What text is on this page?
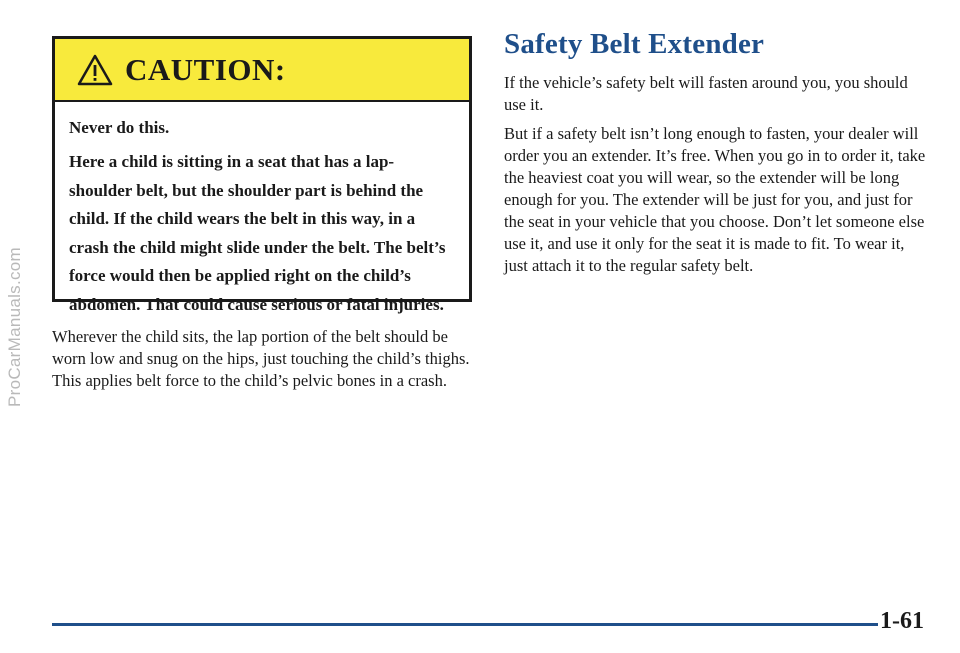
ProCarManuals.com
CAUTION:

Never do this.

Here a child is sitting in a seat that has a lap-shoulder belt, but the shoulder part is behind the child. If the child wears the belt in this way, in a crash the child might slide under the belt. The belt’s force would then be applied right on the child’s abdomen. That could cause serious or fatal injuries.

Wherever the child sits, the lap portion of the belt should be worn low and snug on the hips, just touching the child’s thighs. This applies belt force to the child’s pelvic bones in a crash.

Safety Belt Extender

If the vehicle’s safety belt will fasten around you, you should use it.

But if a safety belt isn’t long enough to fasten, your dealer will order you an extender. It’s free. When you go in to order it, take the heaviest coat you will wear, so the extender will be long enough for you. The extender will be just for you, and just for the seat in your vehicle that you choose. Don’t let someone else use it, and use it only for the seat it is made to fit. To wear it, just attach it to the regular safety belt.

1-61
